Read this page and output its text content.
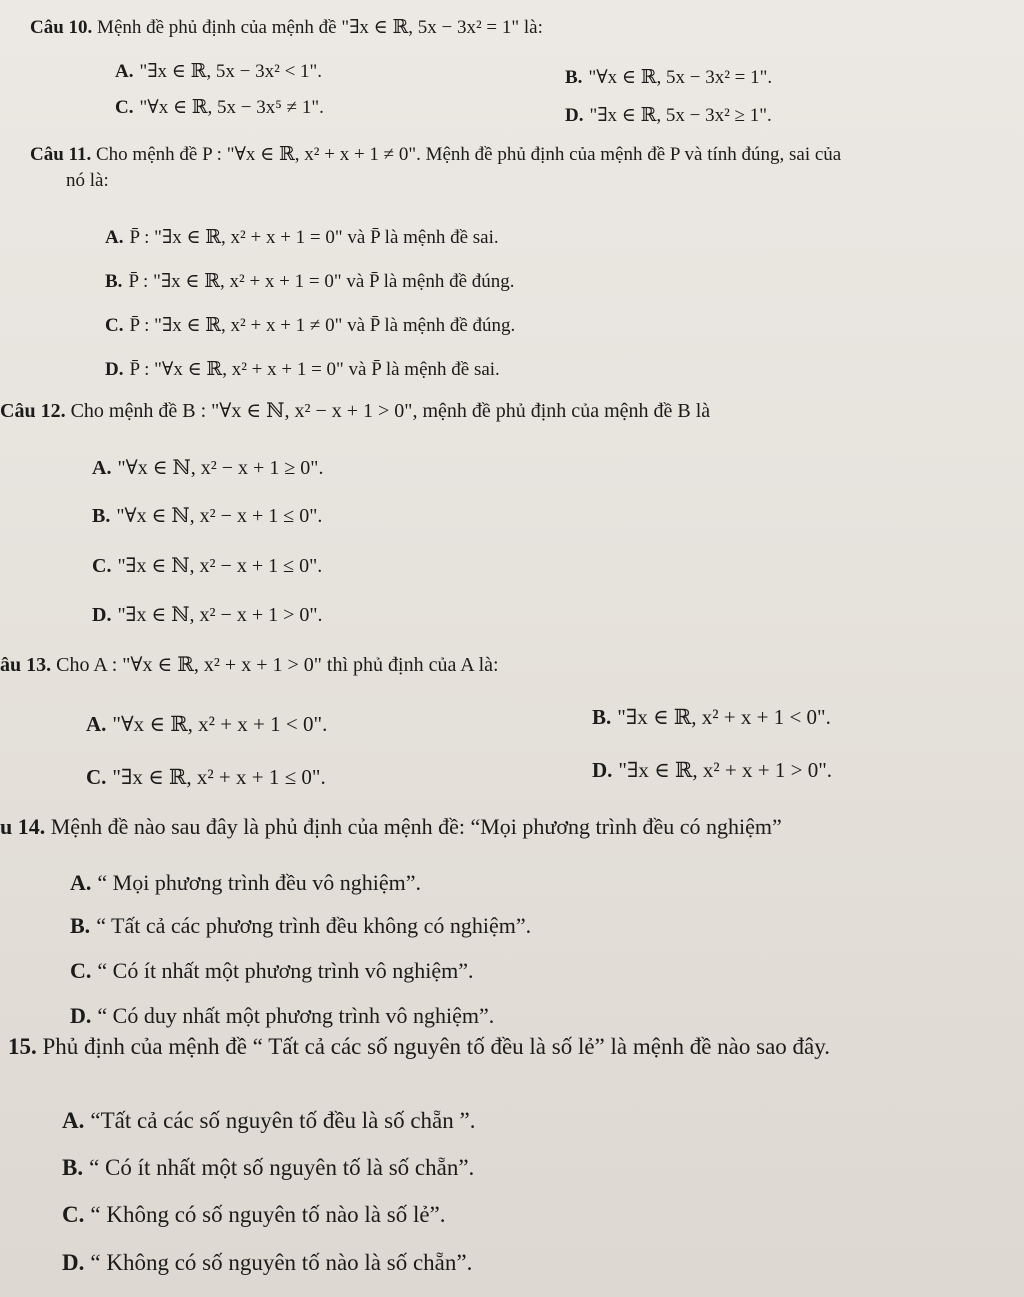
Câu 10. Mệnh đề phủ định của mệnh đề "∃x ∈ ℝ, 5x − 3x² = 1" là:
A. "∃x ∈ ℝ, 5x − 3x² < 1".	B. "∀x ∈ ℝ, 5x − 3x² = 1".
C. "∀x ∈ ℝ, 5x − 3x⁵ ≠ 1".	D. "∃x ∈ ℝ, 5x − 3x² ≥ 1".
Câu 11. Cho mệnh đề P : "∀x ∈ ℝ, x² + x + 1 ≠ 0". Mệnh đề phủ định của mệnh đề P và tính đúng, sai của
nó là:
A. P̄ : "∃x ∈ ℝ, x² + x + 1 = 0" và P̄ là mệnh đề sai.
B. P̄ : "∃x ∈ ℝ, x² + x + 1 = 0" và P̄ là mệnh đề đúng.
C. P̄ : "∃x ∈ ℝ, x² + x + 1 ≠ 0" và P̄ là mệnh đề đúng.
D. P̄ : "∀x ∈ ℝ, x² + x + 1 = 0" và P̄ là mệnh đề sai.
Câu 12. Cho mệnh đề B : "∀x ∈ ℕ, x² − x + 1 > 0", mệnh đề phủ định của mệnh đề B là
A. "∀x ∈ ℕ, x² − x + 1 ≥ 0".
B. "∀x ∈ ℕ, x² − x + 1 ≤ 0".
C. "∃x ∈ ℕ, x² − x + 1 ≤ 0".
D. "∃x ∈ ℕ, x² − x + 1 > 0".
âu 13. Cho A : "∀x ∈ ℝ, x² + x + 1 > 0" thì phủ định của A là:
A. "∀x ∈ ℝ, x² + x + 1 < 0".	B. "∃x ∈ ℝ, x² + x + 1 < 0".
C. "∃x ∈ ℝ, x² + x + 1 ≤ 0".	D. "∃x ∈ ℝ, x² + x + 1 > 0".
u 14. Mệnh đề nào sau đây là phủ định của mệnh đề: “Mọi phương trình đều có nghiệm”
A. “ Mọi phương trình đều vô nghiệm”.
B. “ Tất cả các phương trình đều không có nghiệm”.
C. “ Có ít nhất một phương trình vô nghiệm”.
D. “ Có duy nhất một phương trình vô nghiệm”.
15. Phủ định của mệnh đề “ Tất cả các số nguyên tố đều là số lẻ” là mệnh đề nào sao đây.
A. “Tất cả các số nguyên tố đều là số chẵn ”.
B. “ Có ít nhất một số nguyên tố là số chẵn”.
C. “ Không có số nguyên tố nào là số lẻ”.
D. “ Không có số nguyên tố nào là số chẵn”.
